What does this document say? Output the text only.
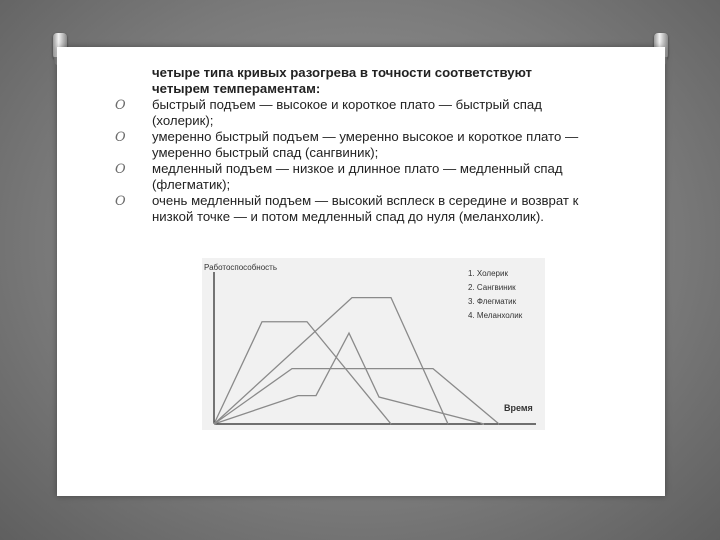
четыре типа кривых разогрева в точности соответствуют четырем темпераментам:
O быстрый подъем — высокое и короткое плато — быстрый спад (холерик);
O умеренно быстрый подъем — умеренно высокое и короткое плато — умеренно быстрый спад (сангвиник);
O медленный подъем — низкое и длинное плато — медленный спад (флегматик);
O очень медленный подъем — высокий всплеск в середине и возврат к низкой точке — и потом медленный спад до нуля (меланхолик).
Работоспособность
Время
1. Холерик
2. Сангвиник
3. Флегматик
4. Меланхолик
